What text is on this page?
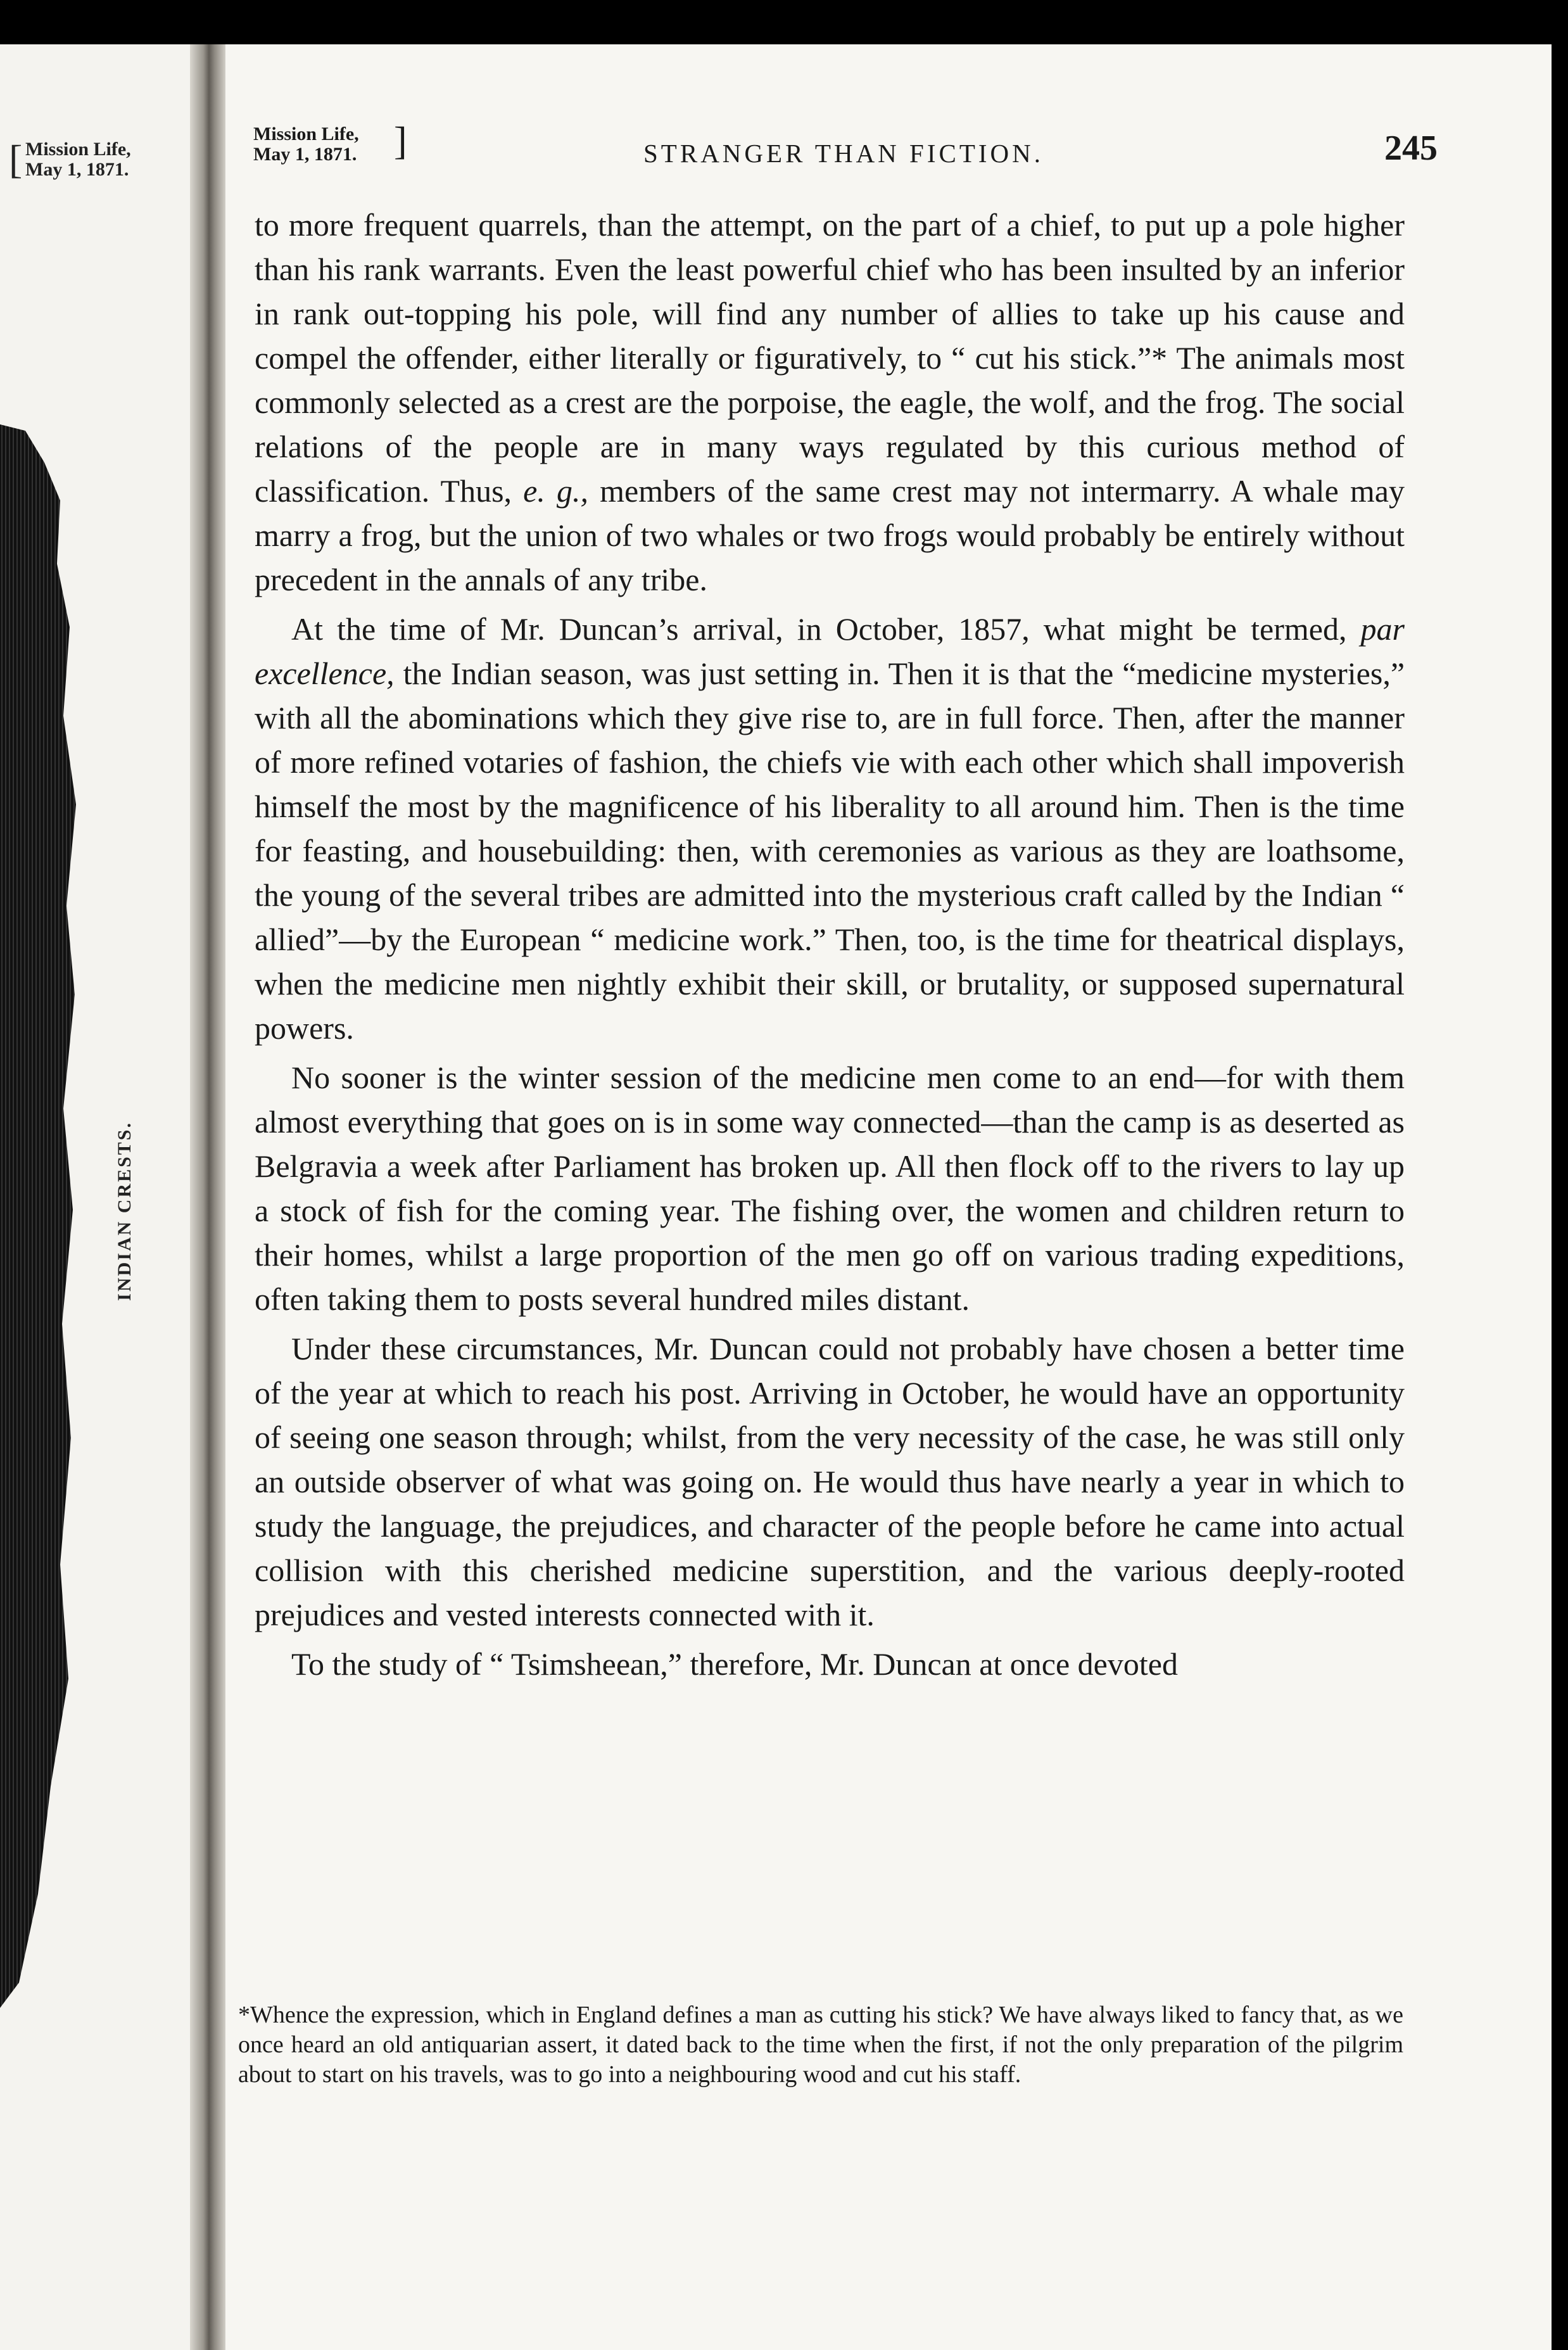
[ Mission Life,
May 1, 1871.
INDIAN CRESTS.
Mission Life,
May 1, 1871. ]	STRANGER THAN FICTION.	245

to more frequent quarrels, than the attempt, on the part of a chief, to put up a pole higher than his rank warrants. Even the least powerful chief who has been insulted by an inferior in rank out-topping his pole, will find any number of allies to take up his cause and compel the offender, either literally or figuratively, to “ cut his stick.”* The animals most commonly selected as a crest are the porpoise, the eagle, the wolf, and the frog. The social relations of the people are in many ways regulated by this curious method of classification. Thus, e. g., members of the same crest may not intermarry. A whale may marry a frog, but the union of two whales or two frogs would probably be entirely without precedent in the annals of any tribe.

At the time of Mr. Duncan’s arrival, in October, 1857, what might be termed, par excellence, the Indian season, was just setting in. Then it is that the “medicine mysteries,” with all the abominations which they give rise to, are in full force. Then, after the manner of more refined votaries of fashion, the chiefs vie with each other which shall impoverish himself the most by the magnificence of his liberality to all around him. Then is the time for feasting, and housebuilding: then, with ceremonies as various as they are loathsome, the young of the several tribes are admitted into the mysterious craft called by the Indian “ allied”—by the European “ medicine work.” Then, too, is the time for theatrical displays, when the medicine men nightly exhibit their skill, or brutality, or supposed supernatural powers.

No sooner is the winter session of the medicine men come to an end—for with them almost everything that goes on is in some way connected—than the camp is as deserted as Belgravia a week after Parliament has broken up. All then flock off to the rivers to lay up a stock of fish for the coming year. The fishing over, the women and children return to their homes, whilst a large proportion of the men go off on various trading expeditions, often taking them to posts several hundred miles distant.

Under these circumstances, Mr. Duncan could not probably have chosen a better time of the year at which to reach his post. Arriving in October, he would have an opportunity of seeing one season through; whilst, from the very necessity of the case, he was still only an outside observer of what was going on. He would thus have nearly a year in which to study the language, the prejudices, and character of the people before he came into actual collision with this cherished medicine superstition, and the various deeply-rooted prejudices and vested interests connected with it.

To the study of “ Tsimsheean,” therefore, Mr. Duncan at once devoted

*Whence the expression, which in England defines a man as cutting his stick? We have always liked to fancy that, as we once heard an old antiquarian assert, it dated back to the time when the first, if not the only preparation of the pilgrim about to start on his travels, was to go into a neighbouring wood and cut his staff.
